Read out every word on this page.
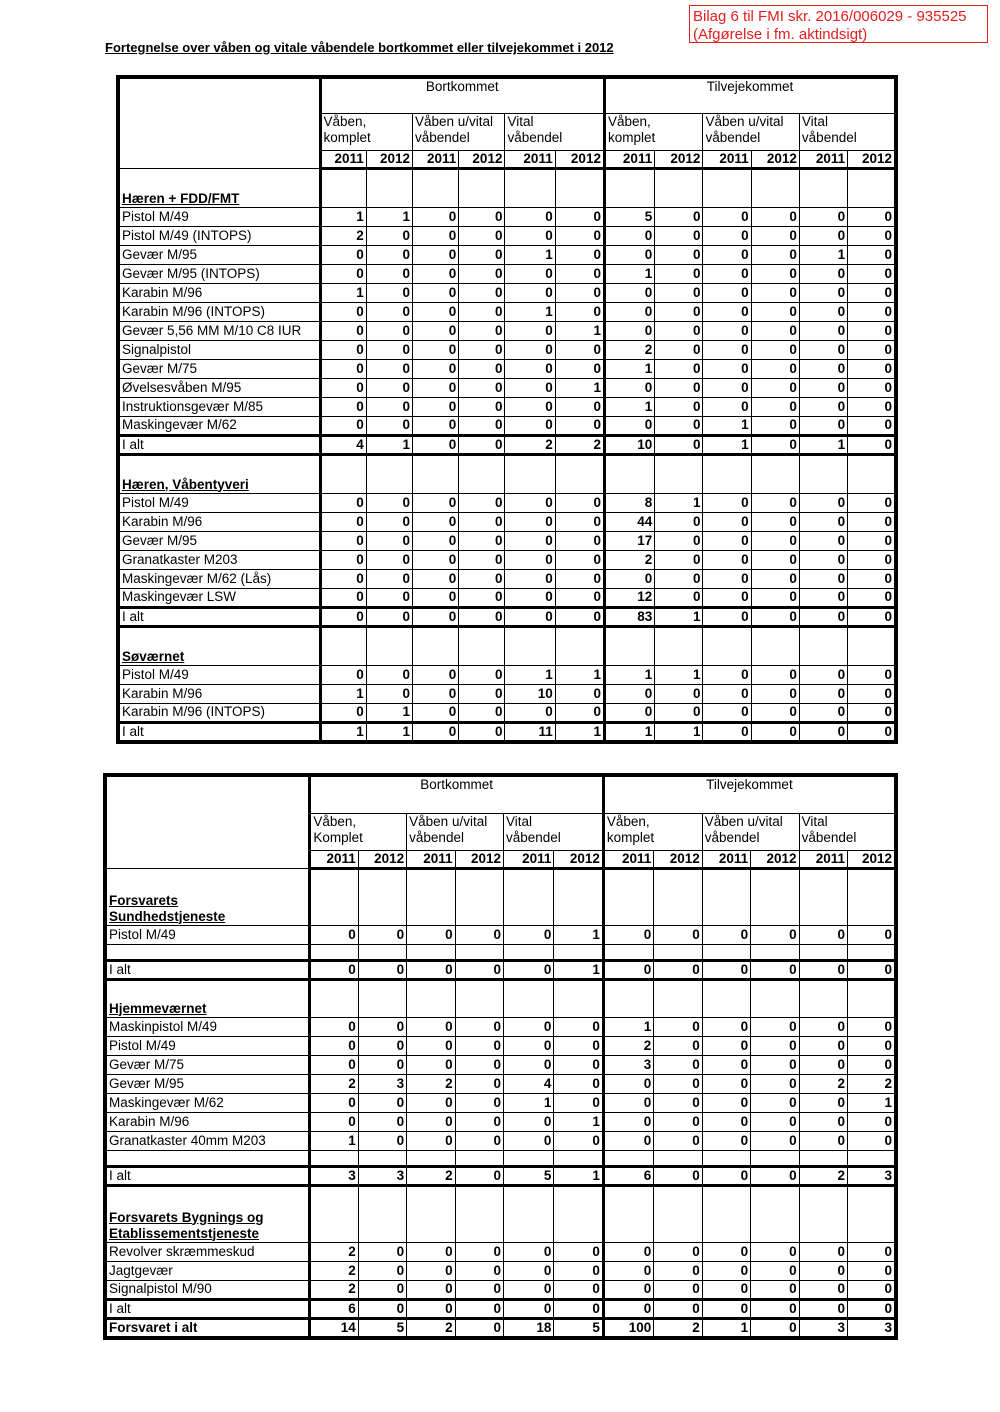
Bilag 6 til FMI skr. 2016/006029 - 935525
(Afgørelse i fm. aktindsigt)
Fortegnelse over våben og vitale våbendele bortkommet eller tilvejekommet i 2012
	Bortkommet						Tilvejekommet					

	Våben,
komplet		Våben u/vital
våbendel		Vital
våbendel		Våben,
komplet		Våben u/vital
våbendel		Vital
våbendel	

	2011	2012	2011	2012	2011	2012	2011	2012	2011	2012	2011	2012

Hæren + FDD/FMT												

Pistol M/49	1	1	0	0	0	0	5	0	0	0	0	0
Pistol M/49 (INTOPS)	2	0	0	0	0	0	0	0	0	0	0	0
Gevær M/95	0	0	0	0	1	0	0	0	0	0	1	0
Gevær M/95 (INTOPS)	0	0	0	0	0	0	1	0	0	0	0	0
Karabin M/96	1	0	0	0	0	0	0	0	0	0	0	0
Karabin M/96 (INTOPS)	0	0	0	0	1	0	0	0	0	0	0	0
Gevær 5,56 MM M/10 C8 IUR	0	0	0	0	0	1	0	0	0	0	0	0
Signalpistol	0	0	0	0	0	0	2	0	0	0	0	0
Gevær M/75	0	0	0	0	0	0	1	0	0	0	0	0
Øvelsesvåben M/95	0	0	0	0	0	1	0	0	0	0	0	0
Instruktionsgevær M/85	0	0	0	0	0	0	1	0	0	0	0	0
Maskingevær M/62	0	0	0	0	0	0	0	0	1	0	0	0
I alt	4	1	0	0	2	2	10	0	1	0	1	0

Hæren, Våbentyveri												

Pistol M/49	0	0	0	0	0	0	8	1	0	0	0	0
Karabin M/96	0	0	0	0	0	0	44	0	0	0	0	0
Gevær M/95	0	0	0	0	0	0	17	0	0	0	0	0
Granatkaster M203	0	0	0	0	0	0	2	0	0	0	0	0
Maskingevær M/62 (Lås)	0	0	0	0	0	0	0	0	0	0	0	0
Maskingevær LSW	0	0	0	0	0	0	12	0	0	0	0	0
I alt	0	0	0	0	0	0	83	1	0	0	0	0

Søværnet												

Pistol M/49	0	0	0	0	1	1	1	1	0	0	0	0
Karabin M/96	1	0	0	0	10	0	0	0	0	0	0	0
Karabin M/96 (INTOPS)	0	1	0	0	0	0	0	0	0	0	0	0
I alt	1	1	0	0	11	1	1	1	0	0	0	0
	Bortkommet						Tilvejekommet					

	Våben,
Komplet		Våben u/vital
våbendel		Vital
våbendel		Våben,
komplet		Våben u/vital
våbendel		Vital
våbendel	

	2011	2012	2011	2012	2011	2012	2011	2012	2011	2012	2011	2012

Forsvarets
Sundhedstjeneste												

Pistol M/49	0	0	0	0	0	1	0	0	0	0	0	0

I alt	0	0	0	0	0	1	0	0	0	0	0	0

Hjemmeværnet												

Maskinpistol M/49	0	0	0	0	0	0	1	0	0	0	0	0
Pistol M/49	0	0	0	0	0	0	2	0	0	0	0	0
Gevær M/75	0	0	0	0	0	0	3	0	0	0	0	0
Gevær M/95	2	3	2	0	4	0	0	0	0	0	2	2
Maskingevær M/62	0	0	0	0	1	0	0	0	0	0	0	1
Karabin M/96	0	0	0	0	0	1	0	0	0	0	0	0
Granatkaster 40mm M203	1	0	0	0	0	0	0	0	0	0	0	0

I alt	3	3	2	0	5	1	6	0	0	0	2	3

Forsvarets Bygnings og
Etablissementstjeneste												

Revolver skræmmeskud	2	0	0	0	0	0	0	0	0	0	0	0
Jagtgevær	2	0	0	0	0	0	0	0	0	0	0	0
Signalpistol M/90	2	0	0	0	0	0	0	0	0	0	0	0
I alt	6	0	0	0	0	0	0	0	0	0	0	0
Forsvaret i alt	14	5	2	0	18	5	100	2	1	0	3	3
